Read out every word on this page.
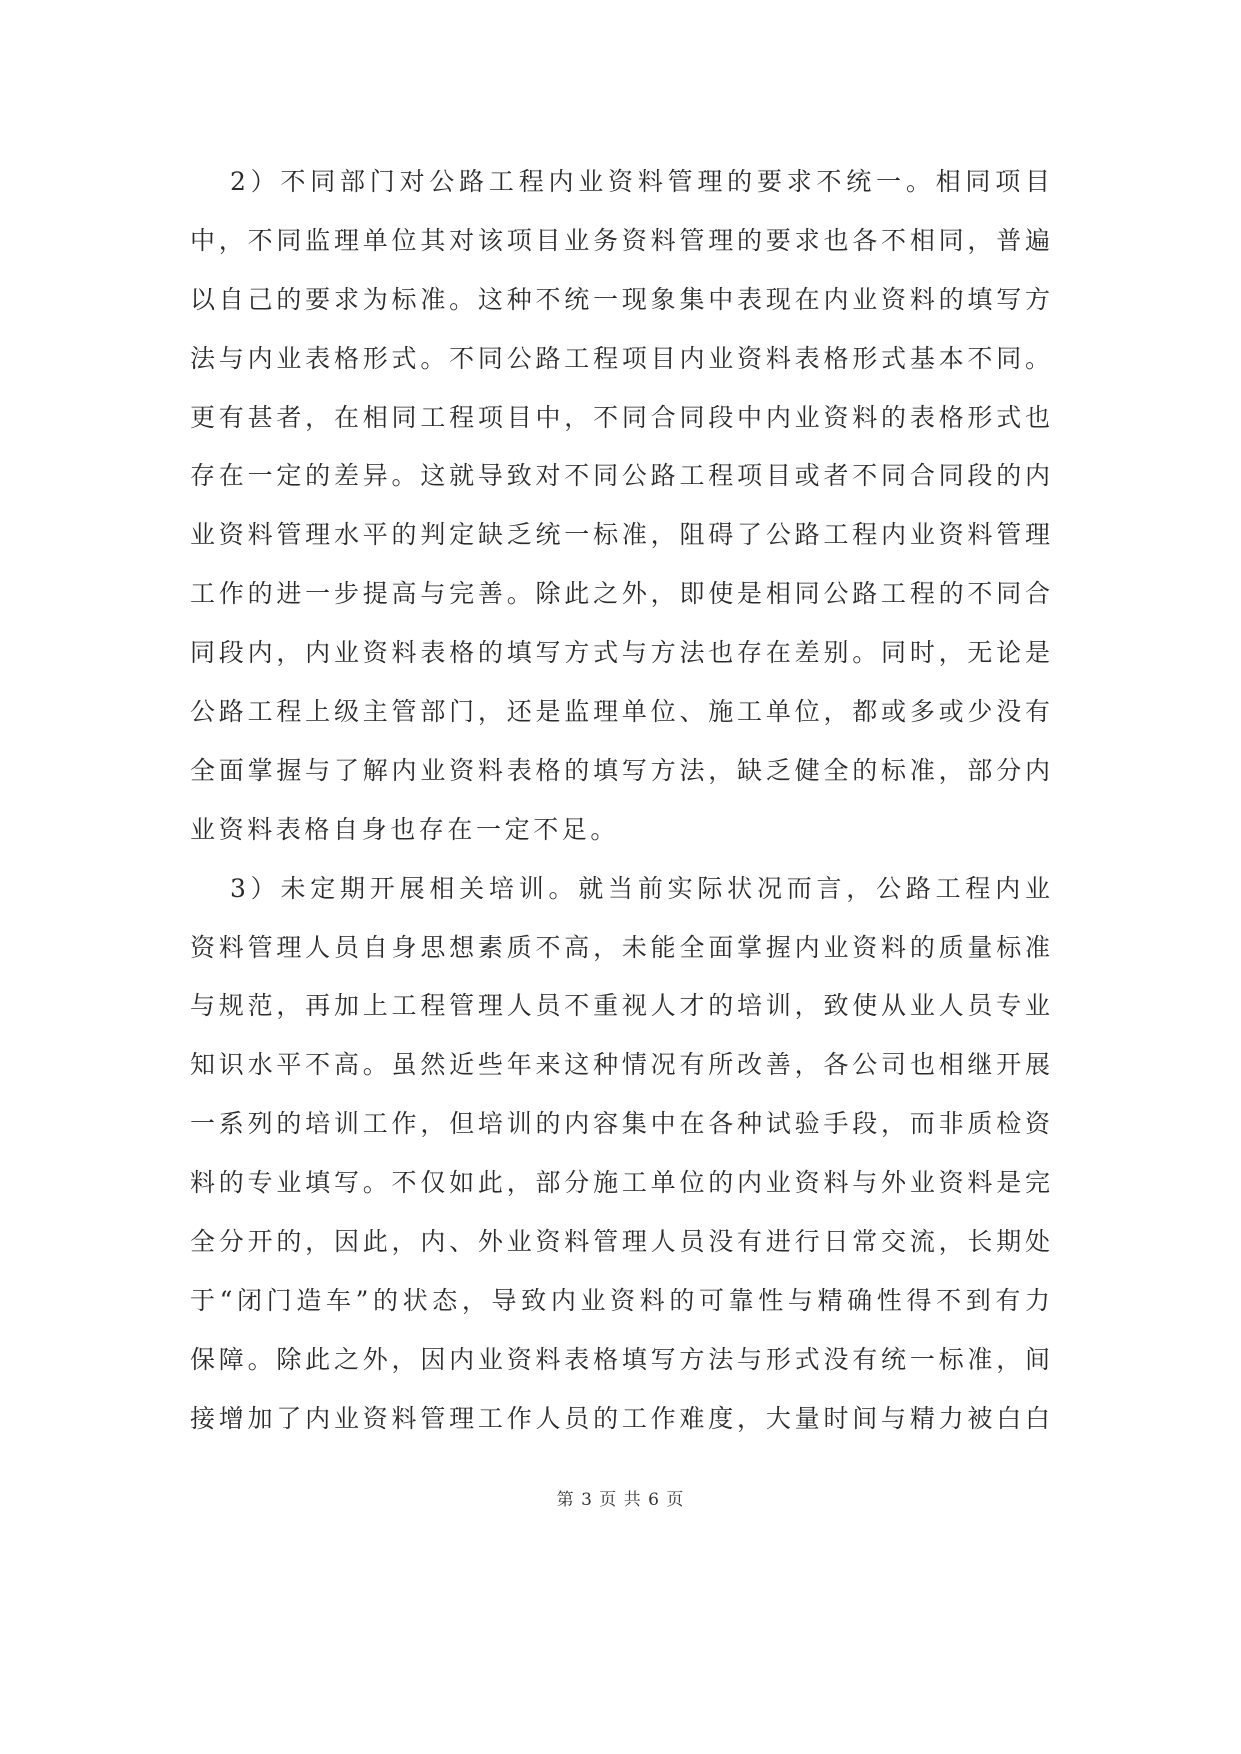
2）不同部门对公路工程内业资料管理的要求不统一。相同项目
中，不同监理单位其对该项目业务资料管理的要求也各不相同，普遍
以自己的要求为标准。这种不统一现象集中表现在内业资料的填写方
法与内业表格形式。不同公路工程项目内业资料表格形式基本不同。
更有甚者，在相同工程项目中，不同合同段中内业资料的表格形式也
存在一定的差异。这就导致对不同公路工程项目或者不同合同段的内
业资料管理水平的判定缺乏统一标准，阻碍了公路工程内业资料管理
工作的进一步提高与完善。除此之外，即使是相同公路工程的不同合
同段内，内业资料表格的填写方式与方法也存在差别。同时，无论是
公路工程上级主管部门，还是监理单位、施工单位，都或多或少没有
全面掌握与了解内业资料表格的填写方法，缺乏健全的标准，部分内
业资料表格自身也存在一定不足。
3）未定期开展相关培训。就当前实际状况而言，公路工程内业
资料管理人员自身思想素质不高，未能全面掌握内业资料的质量标准
与规范，再加上工程管理人员不重视人才的培训，致使从业人员专业
知识水平不高。虽然近些年来这种情况有所改善，各公司也相继开展
一系列的培训工作，但培训的内容集中在各种试验手段，而非质检资
料的专业填写。不仅如此，部分施工单位的内业资料与外业资料是完
全分开的，因此，内、外业资料管理人员没有进行日常交流，长期处
于“闭门造车”的状态，导致内业资料的可靠性与精确性得不到有力
保障。除此之外，因内业资料表格填写方法与形式没有统一标准，间
接增加了内业资料管理工作人员的工作难度，大量时间与精力被白白
第 3 页 共 6 页
